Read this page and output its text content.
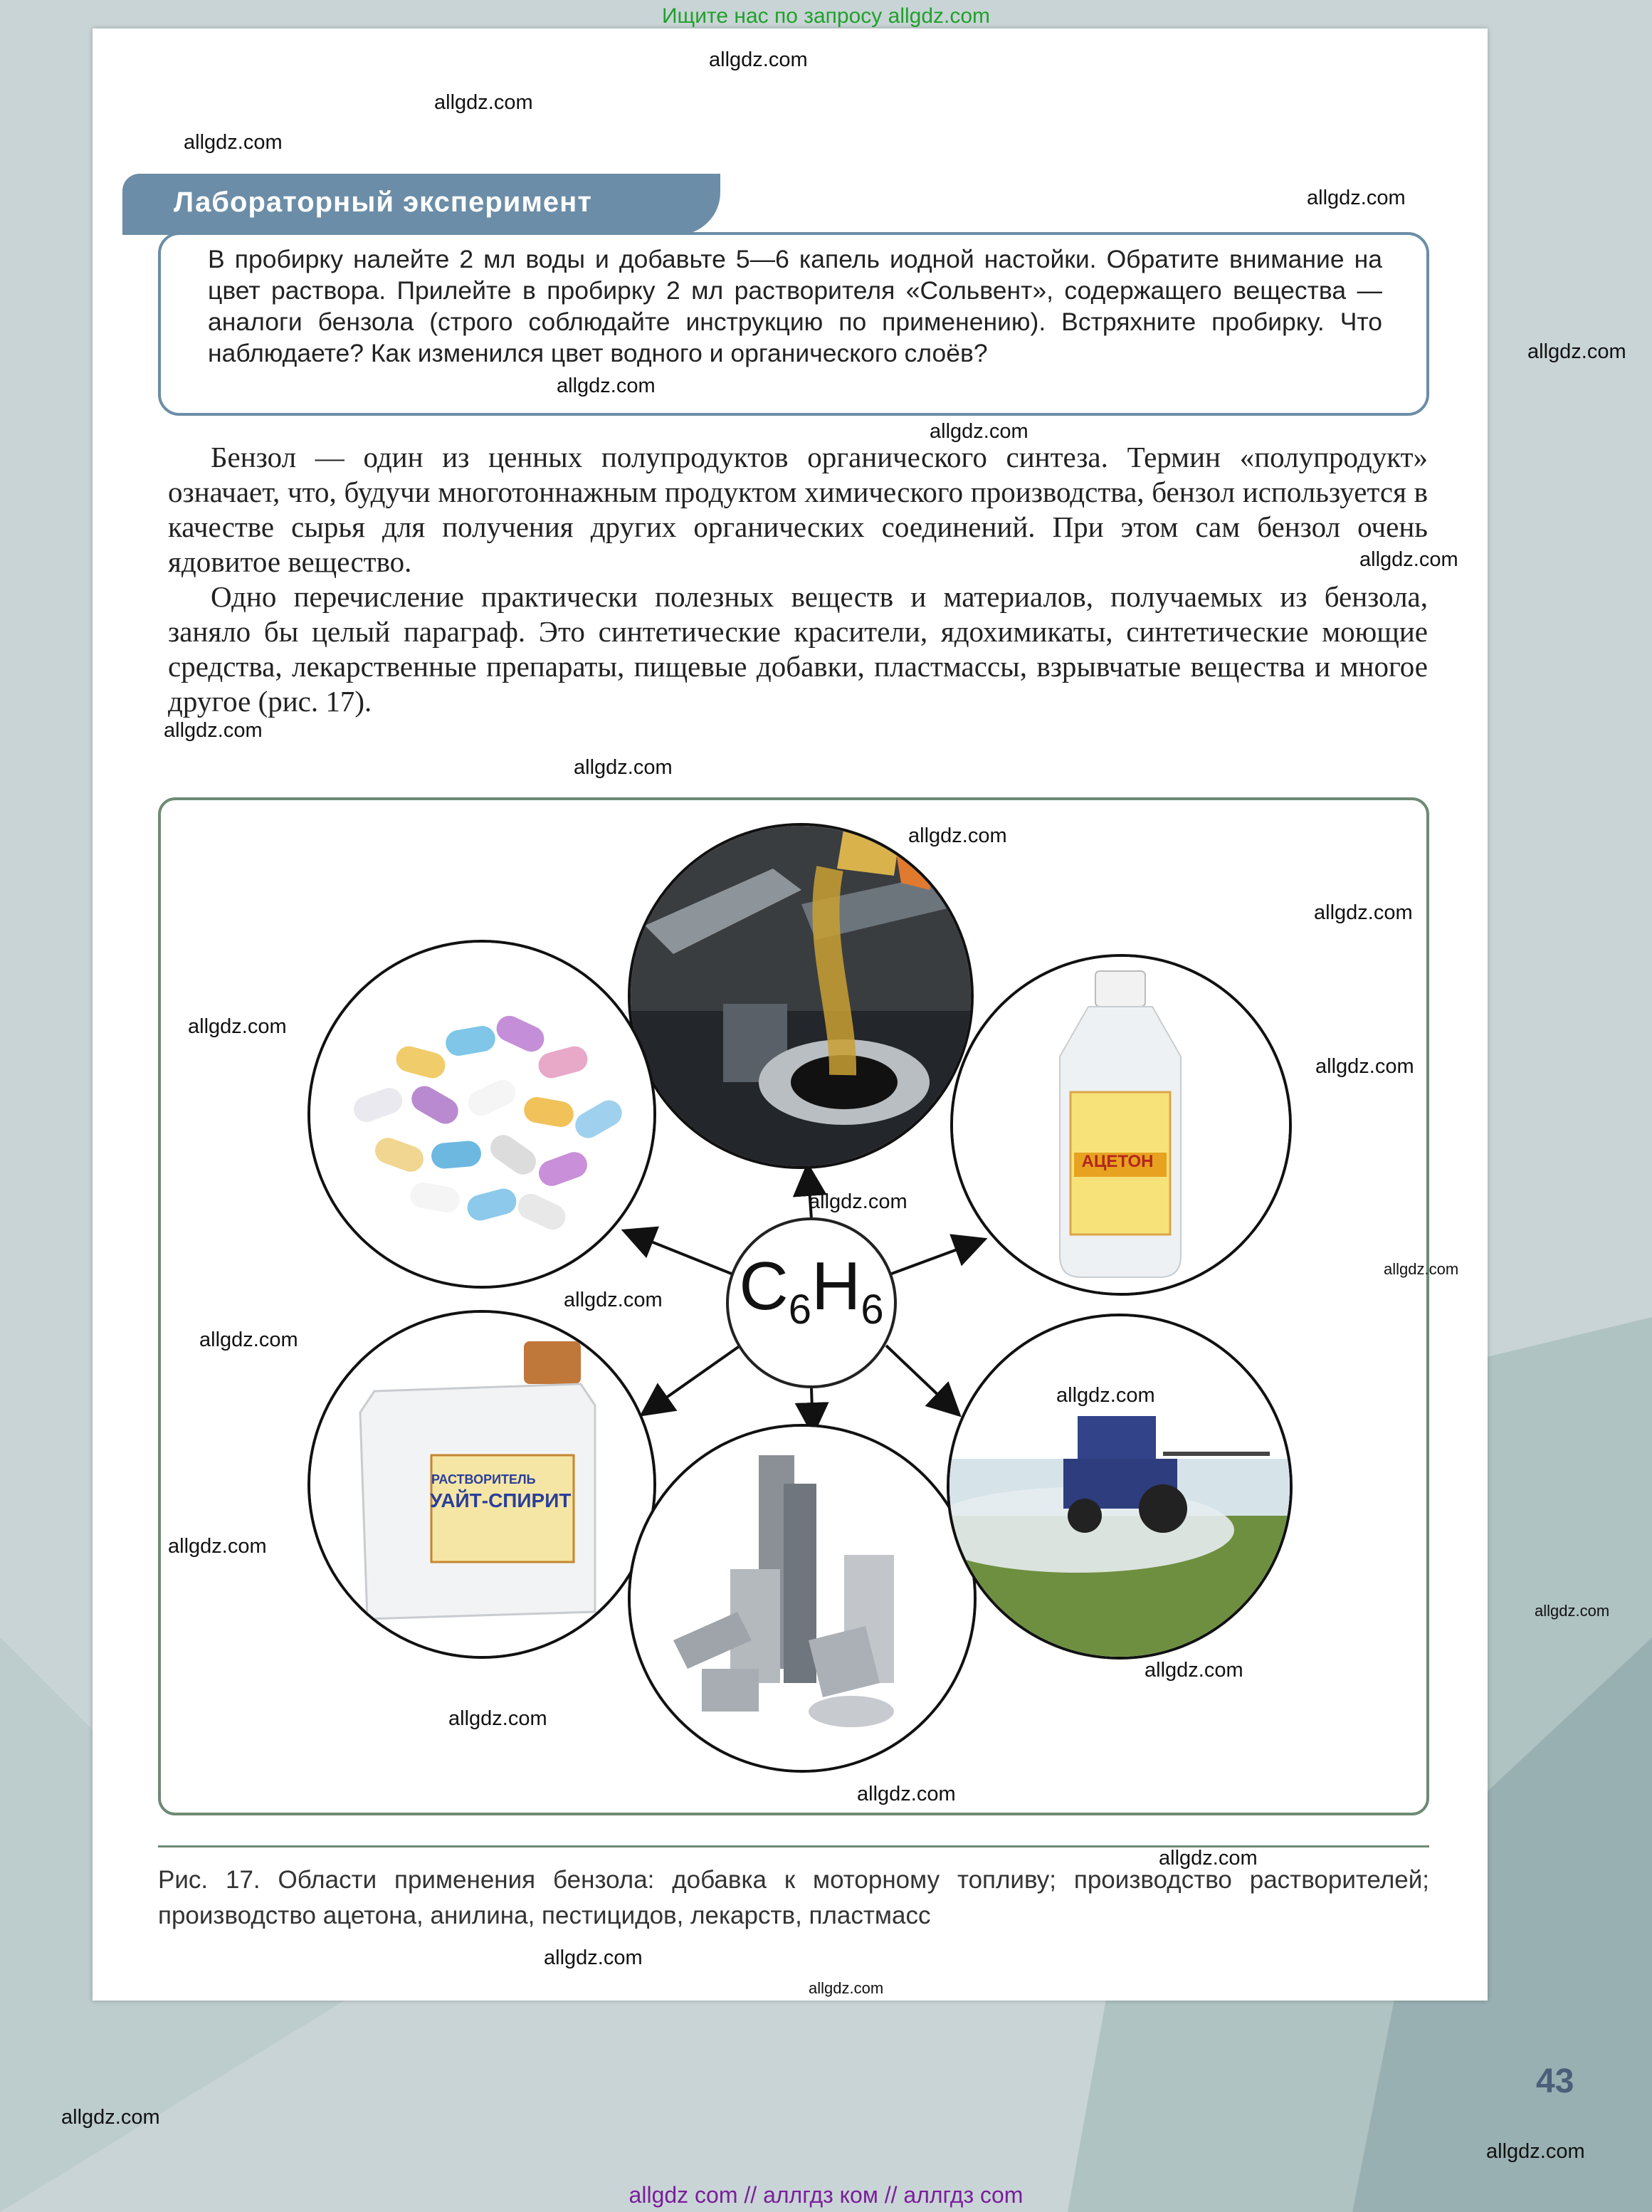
Ищите нас по запросу allgdz.com
Лабораторный эксперимент
В пробирку налейте 2 мл воды и добавьте 5—6 капель иодной настойки. Обратите внимание на цвет раствора. Прилейте в пробирку 2 мл растворителя «Сольвент», содержащего вещества — аналоги бензола (строго соблюдайте инструкцию по применению). Встряхните пробирку. Что наблюдаете? Как изменился цвет водного и органического слоёв?

Бензол — один из ценных полупродуктов органического синтеза. Термин «полупродукт» означает, что, будучи многотоннажным продуктом химического производства, бензол используется в качестве сырья для получения других органических соединений. При этом сам бензол очень ядовитое вещество.

Одно перечисление практически полезных веществ и материалов, получаемых из бензола, заняло бы целый параграф. Это синтетические красители, ядохимикаты, синтетические моющие средства, лекарственные препараты, пищевые добавки, пластмассы, взрывчатые вещества и многое другое (рис. 17).

АЦЕТОН
РАСТВОРИТЕЛЬ
УАЙТ-СПИРИТ
$C_6H_6$
Рис. 17. Области применения бензола: добавка к моторному топливу; производство растворителей; производство ацетона, анилина, пестицидов, лекарств, пластмасс
43
allgdz.com
allgdz.com
allgdz.com
allgdz.com
allgdz.com
allgdz.com
allgdz.com
allgdz.com
allgdz.com
allgdz.com
allgdz.com
allgdz.com
allgdz.com
allgdz.com
allgdz.com
allgdz.com
allgdz.com
allgdz.com
allgdz.com
allgdz.com
allgdz.com
allgdz.com
allgdz.com
allgdz.com
allgdz.com
allgdz.com
allgdz.com
allgdz.com
allgdz.com
allgdz com // аллгдз ком // аллгдз com
